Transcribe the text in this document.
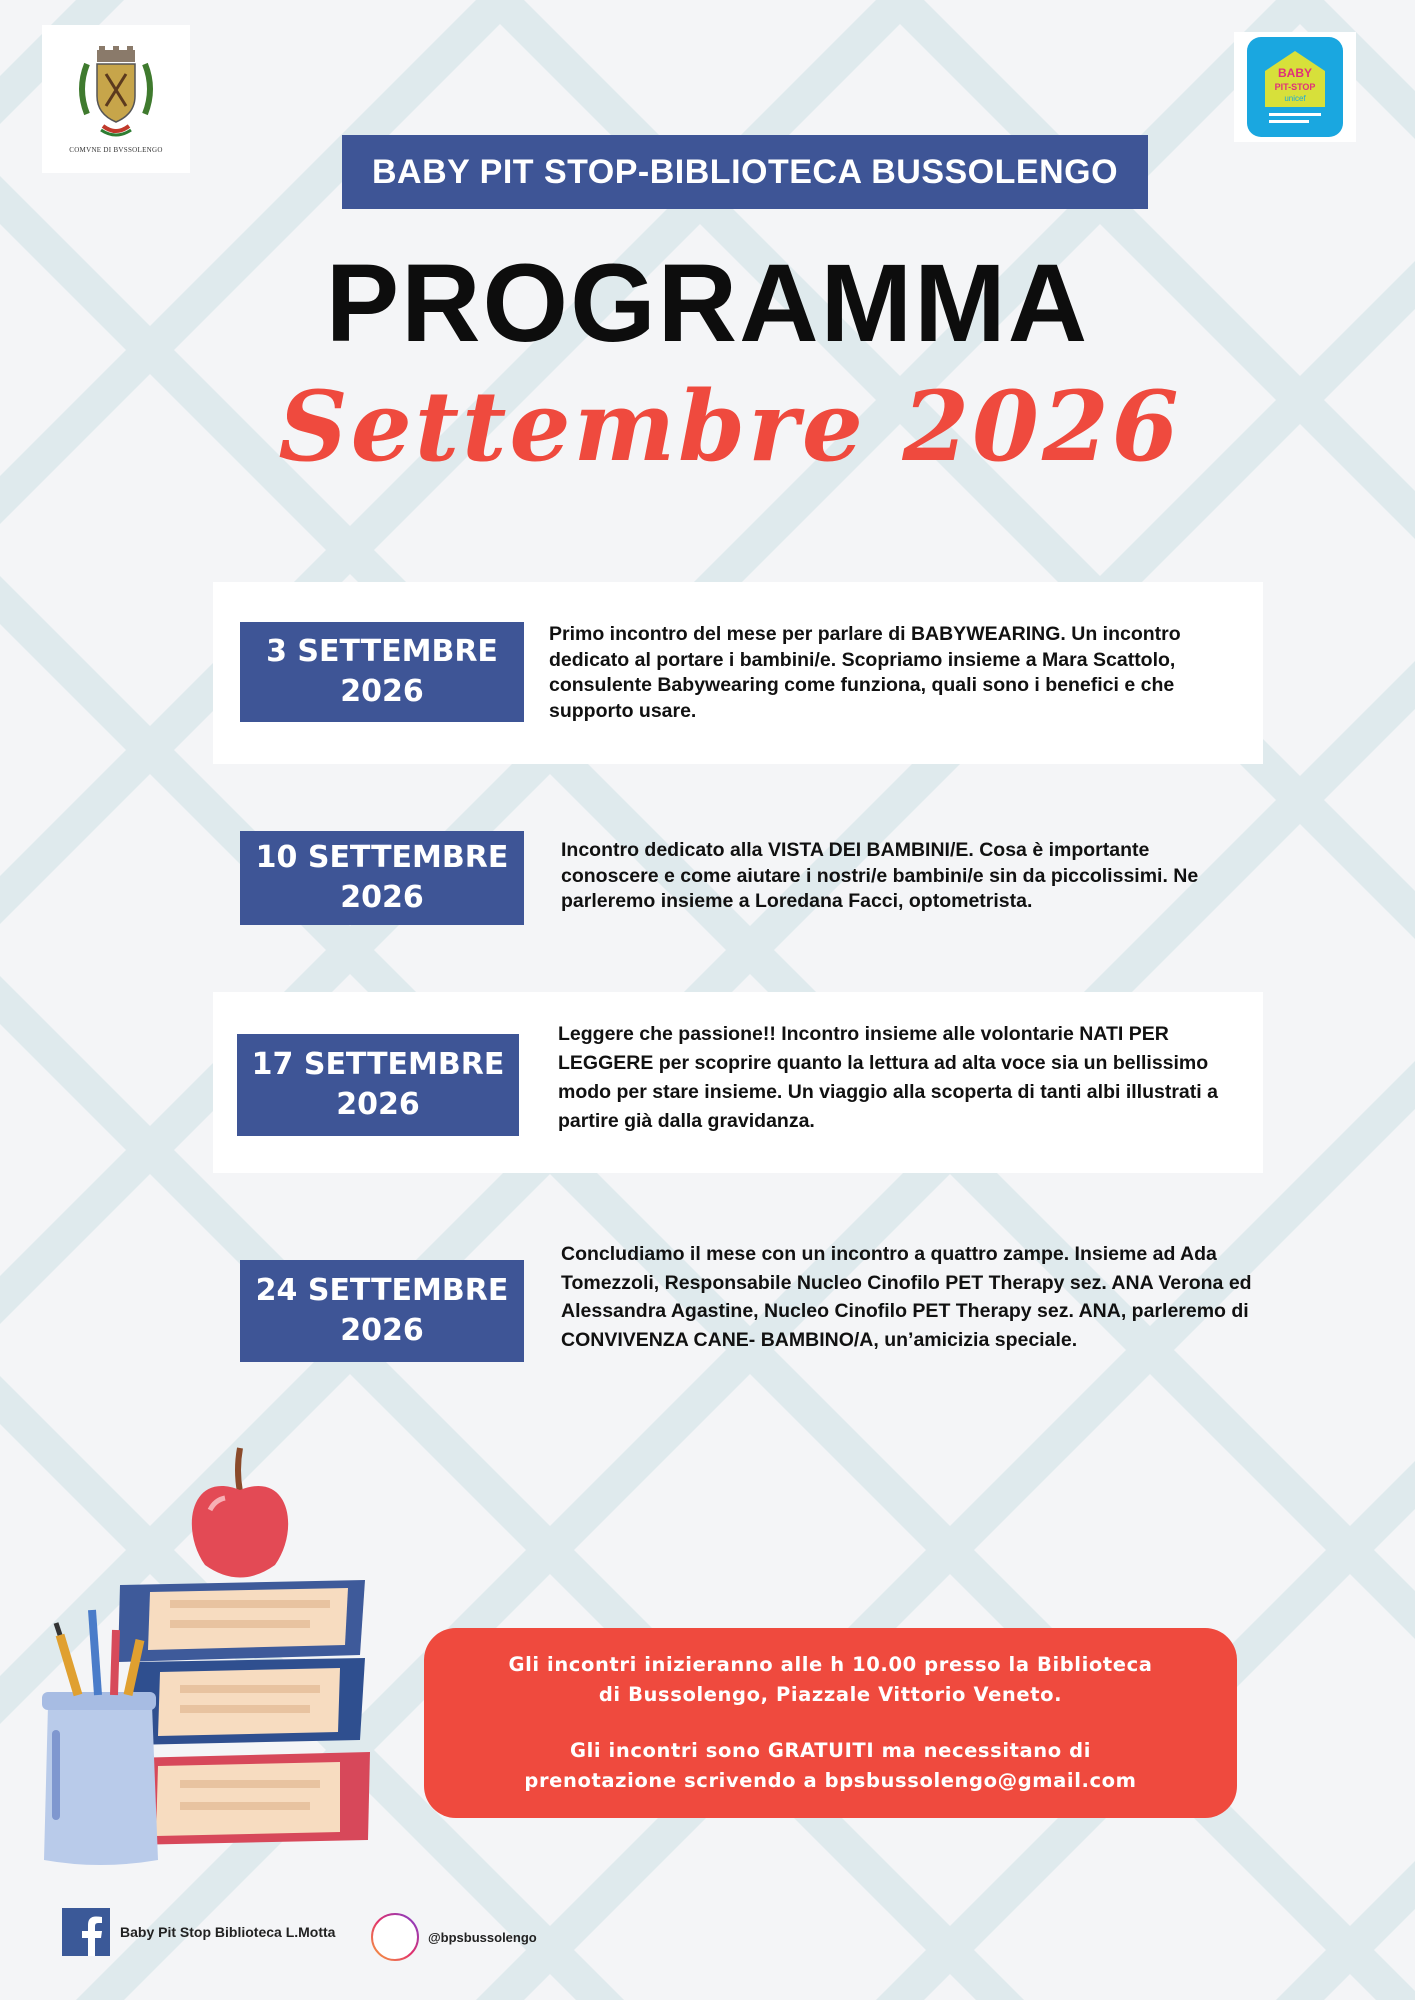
COMVNE DI BVSSOLENGO
BABY
PIT-STOP
unicef
BABY PIT STOP-BIBLIOTECA BUSSOLENGO
PROGRAMMA
Settembre 2026
3 SETTEMBRE
2026
Primo incontro del mese per parlare di BABYWEARING. Un incontro dedicato al portare i bambini/e. Scopriamo insieme a Mara Scattolo, consulente Babywearing come funziona, quali sono i benefici e che supporto usare.
10 SETTEMBRE
2026
Incontro dedicato alla VISTA DEI BAMBINI/E. Cosa è importante conoscere e come aiutare i nostri/e bambini/e sin da piccolissimi. Ne parleremo insieme a Loredana Facci, optometrista.
17 SETTEMBRE
2026
Leggere che passione!! Incontro insieme alle volontarie NATI PER LEGGERE per scoprire quanto la lettura ad alta voce sia un bellissimo modo per stare insieme. Un viaggio alla scoperta di tanti albi illustrati a partire già dalla gravidanza.
24 SETTEMBRE
2026
Concludiamo il mese con un incontro a quattro zampe. Insieme ad Ada Tomezzoli, Responsabile Nucleo Cinofilo PET Therapy sez. ANA Verona ed Alessandra Agastine, Nucleo Cinofilo PET Therapy sez. ANA, parleremo di CONVIVENZA CANE- BAMBINO/A, un’amicizia speciale.
Gli incontri inizieranno alle h 10.00 presso la Biblioteca
di Bussolengo, Piazzale Vittorio Veneto.
Gli incontri sono GRATUITI ma necessitano di
prenotazione scrivendo a bpsbussolengo@gmail.com
Baby Pit Stop Biblioteca L.Motta	@bpsbussolengo
